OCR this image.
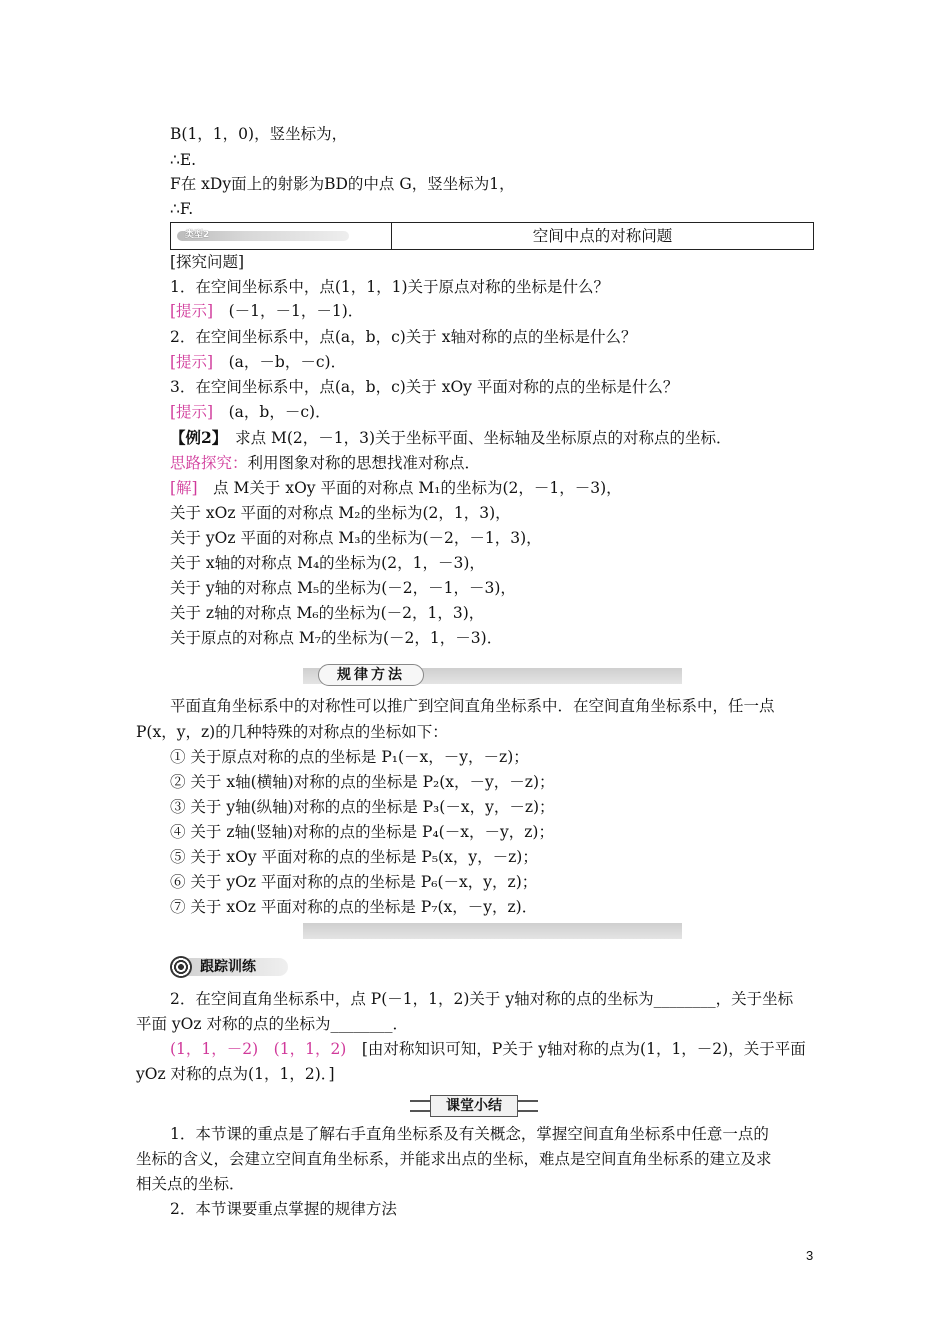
B(1，1，0)，竖坐标为，
∴E.
F在 xDy面上的射影为BD的中点 G，竖坐标为1，
∴F.
类型2	空间中点的对称问题
[探究问题]
1．在空间坐标系中，点(1，1，1)关于原点对称的坐标是什么？
[提示]　 (－1，－1，－1)．
2．在空间坐标系中，点(a，b，c)关于 x轴对称的点的坐标是什么？
[提示]　 (a，－b，－c)．
3．在空间坐标系中，点(a，b，c)关于 xOy 平面对称的点的坐标是什么？
[提示]　 (a，b，－c)．
【例2】　 求点 M(2，－1，3)关于坐标平面、坐标轴及坐标原点的对称点的坐标．
思路探究：利用图象对称的思想找准对称点．
[解]　 点 M关于 xOy 平面的对称点 M₁的坐标为(2，－1，－3)，
关于 xOz 平面的对称点 M₂的坐标为(2，1，3)，
关于 yOz 平面的对称点 M₃的坐标为(－2，－1，3)，
关于 x轴的对称点 M₄的坐标为(2，1，－3)，
关于 y轴的对称点 M₅的坐标为(－2，－1，－3)，
关于 z轴的对称点 M₆的坐标为(－2，1，3)，
关于原点的对称点 M₇的坐标为(－2，1，－3)．
规律方法
平面直角坐标系中的对称性可以推广到空间直角坐标系中．在空间直角坐标系中，任一点
P(x，y，z)的几种特殊的对称点的坐标如下：
① 关于原点对称的点的坐标是 P₁(－x，－y，－z)；
② 关于 x轴(横轴)对称的点的坐标是 P₂(x，－y，－z)；
③ 关于 y轴(纵轴)对称的点的坐标是 P₃(－x，y，－z)；
④ 关于 z轴(竖轴)对称的点的坐标是 P₄(－x，－y，z)；
⑤ 关于 xOy 平面对称的点的坐标是 P₅(x，y，－z)；
⑥ 关于 yOz 平面对称的点的坐标是 P₆(－x，y，z)；
⑦ 关于 xOz 平面对称的点的坐标是 P₇(x，－y，z)．
跟踪训练
2．在空间直角坐标系中，点 P(－1，1，2)关于 y轴对称的点的坐标为________，关于坐标
平面 yOz 对称的点的坐标为________．
(1，1，－2)　(1，1，2)　 [由对称知识可知，P关于 y轴对称的点为(1，1，－2)，关于平面
yOz 对称的点为(1，1，2)．]
课堂小结
1．本节课的重点是了解右手直角坐标系及有关概念，掌握空间直角坐标系中任意一点的
坐标的含义，会建立空间直角坐标系，并能求出点的坐标，难点是空间直角坐标系的建立及求
相关点的坐标．
2．本节课要重点掌握的规律方法
3
